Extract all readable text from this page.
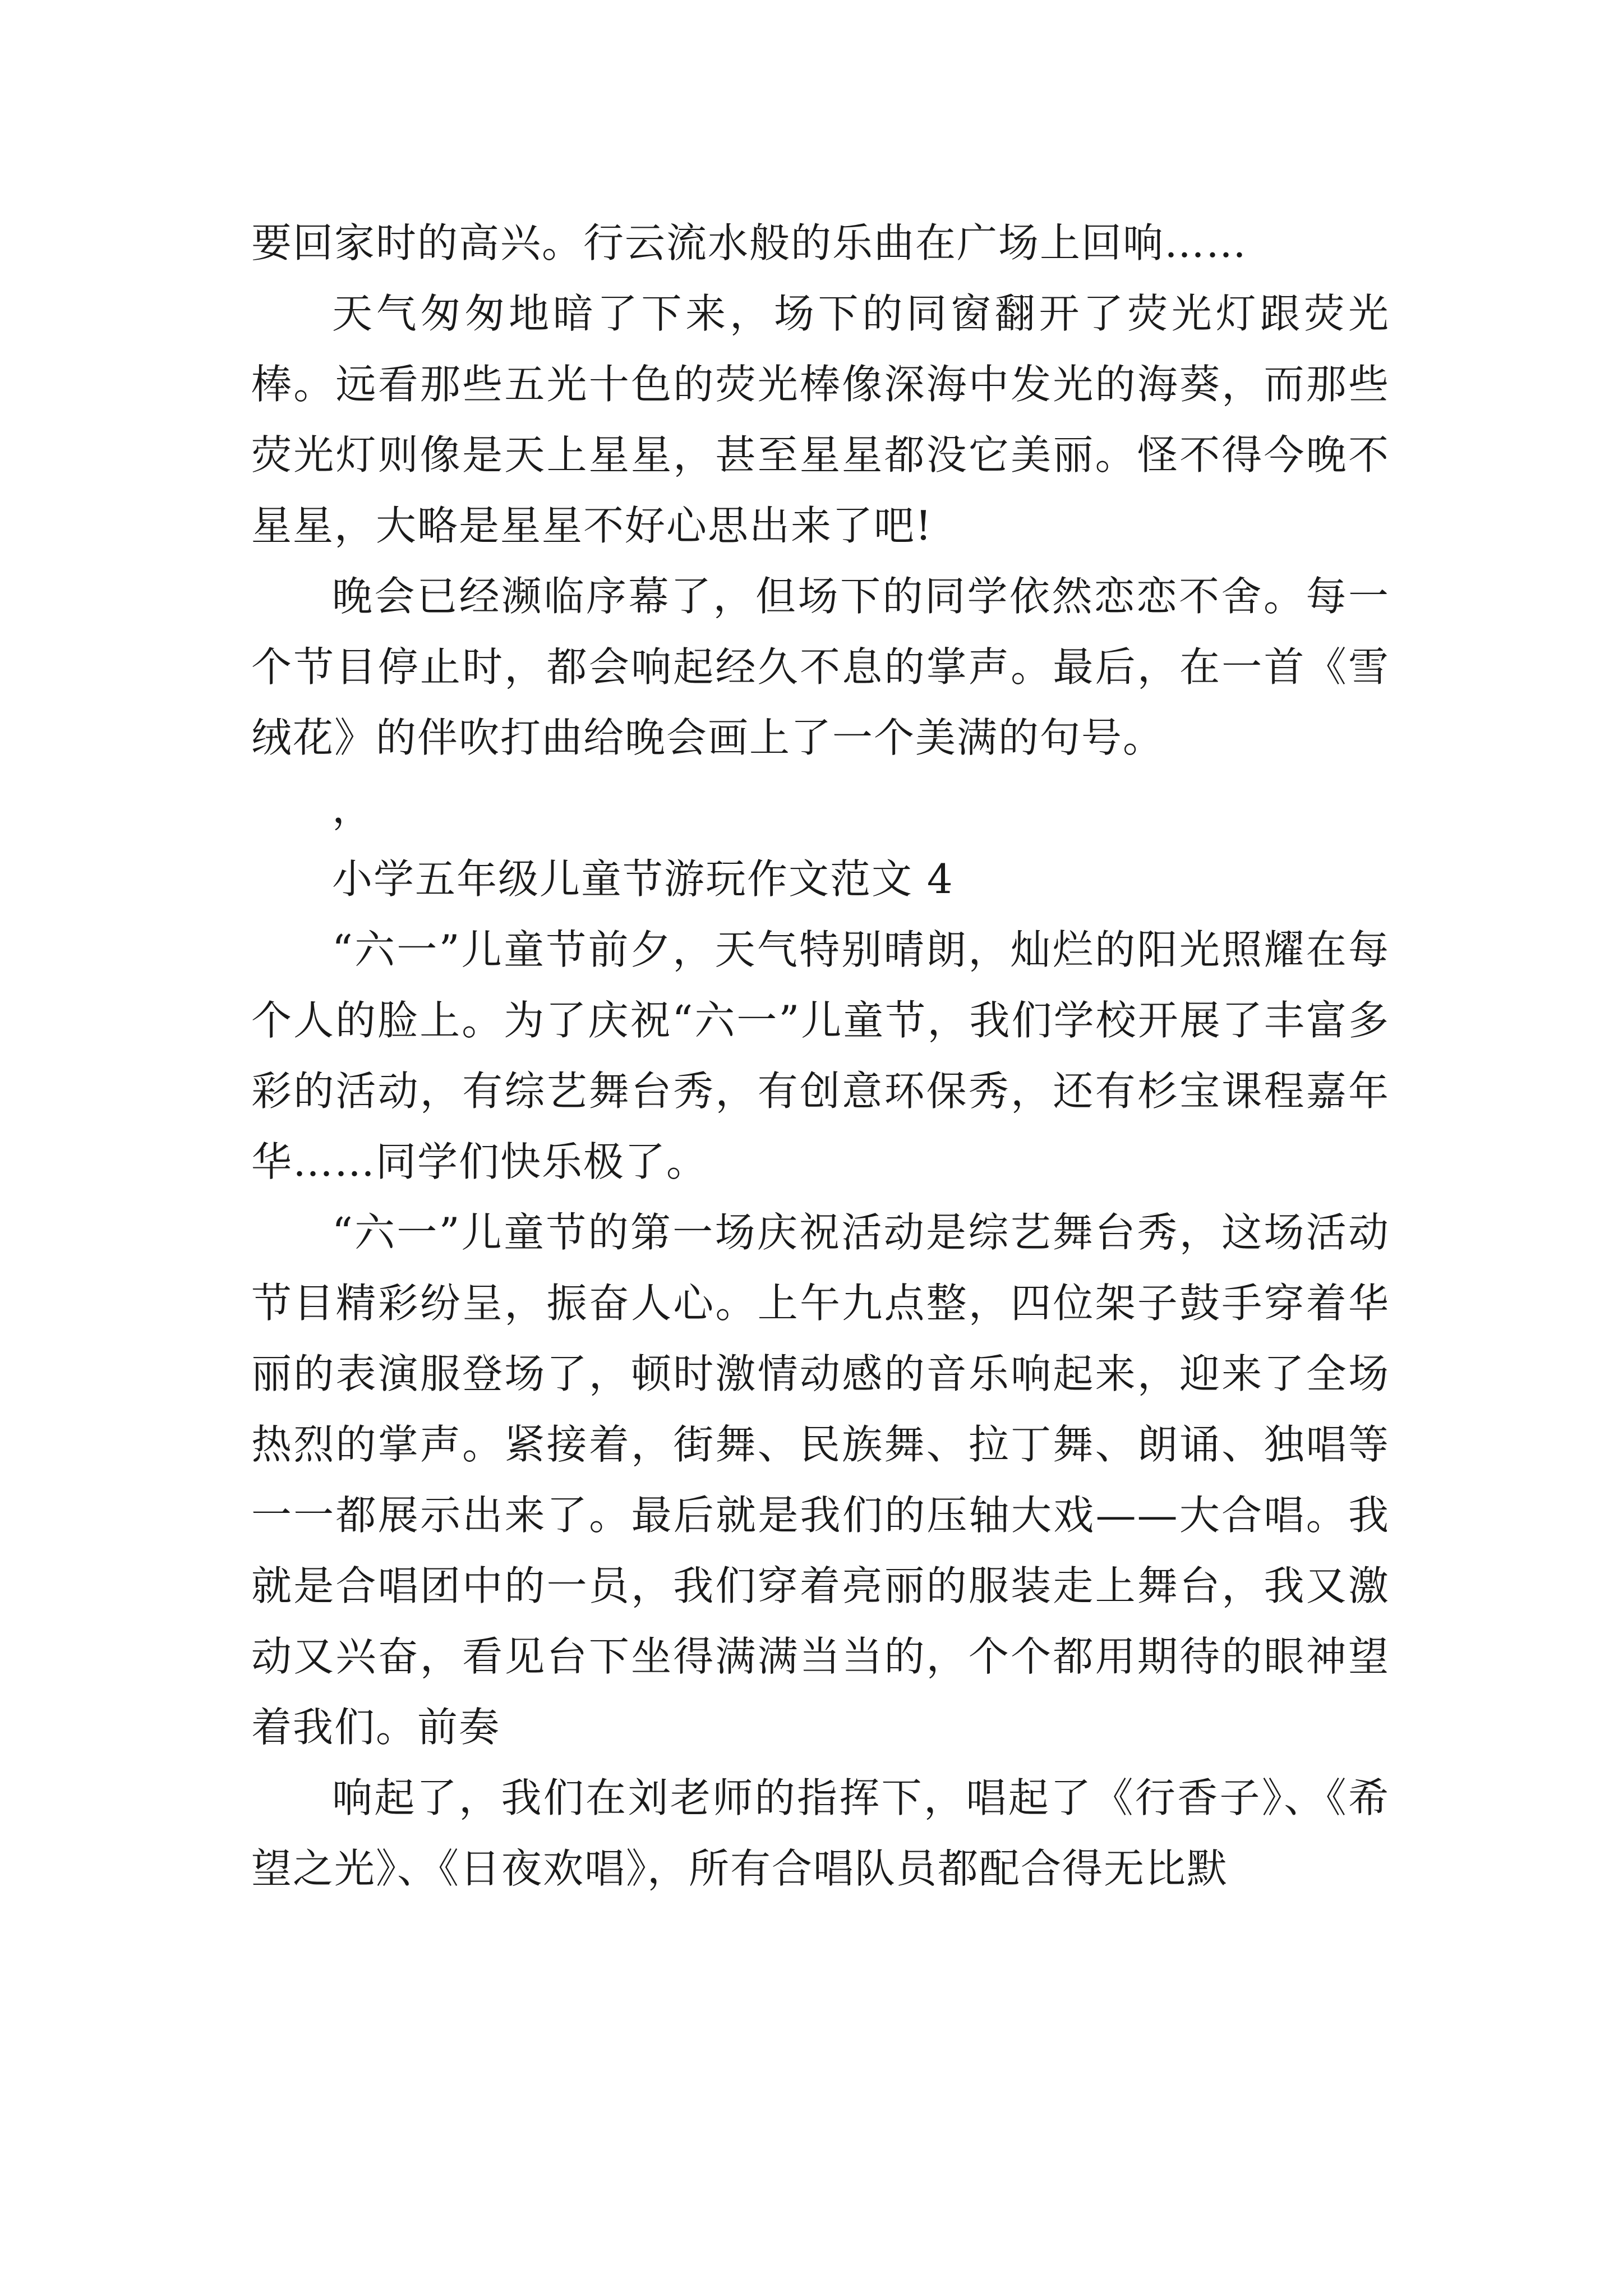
要回家时的高兴。行云流水般的乐曲在广场上回响……

天气匆匆地暗了下来，场下的同窗翻开了荧光灯跟荧光棒。远看那些五光十色的荧光棒像深海中发光的海葵，而那些荧光灯则像是天上星星，甚至星星都没它美丽。怪不得今晚不星星，大略是星星不好心思出来了吧!

晚会已经濒临序幕了，但场下的同学依然恋恋不舍。每一个节目停止时，都会响起经久不息的掌声。最后，在一首《雪绒花》的伴吹打曲给晚会画上了一个美满的句号。

，

小学五年级儿童节游玩作文范文 4

“六一”儿童节前夕，天气特别晴朗，灿烂的阳光照耀在每个人的脸上。为了庆祝“六一”儿童节，我们学校开展了丰富多彩的活动，有综艺舞台秀，有创意环保秀，还有杉宝课程嘉年华……同学们快乐极了。

“六一”儿童节的第一场庆祝活动是综艺舞台秀，这场活动节目精彩纷呈，振奋人心。上午九点整，四位架子鼓手穿着华丽的表演服登场了，顿时激情动感的音乐响起来，迎来了全场热烈的掌声。紧接着，街舞、民族舞、拉丁舞、朗诵、独唱等一一都展示出来了。最后就是我们的压轴大戏——大合唱。我就是合唱团中的一员，我们穿着亮丽的服装走上舞台，我又激动又兴奋，看见台下坐得满满当当的，个个都用期待的眼神望着我们。前奏

响起了，我们在刘老师的指挥下，唱起了《行香子》、《希望之光》、《日夜欢唱》，所有合唱队员都配合得无比默
